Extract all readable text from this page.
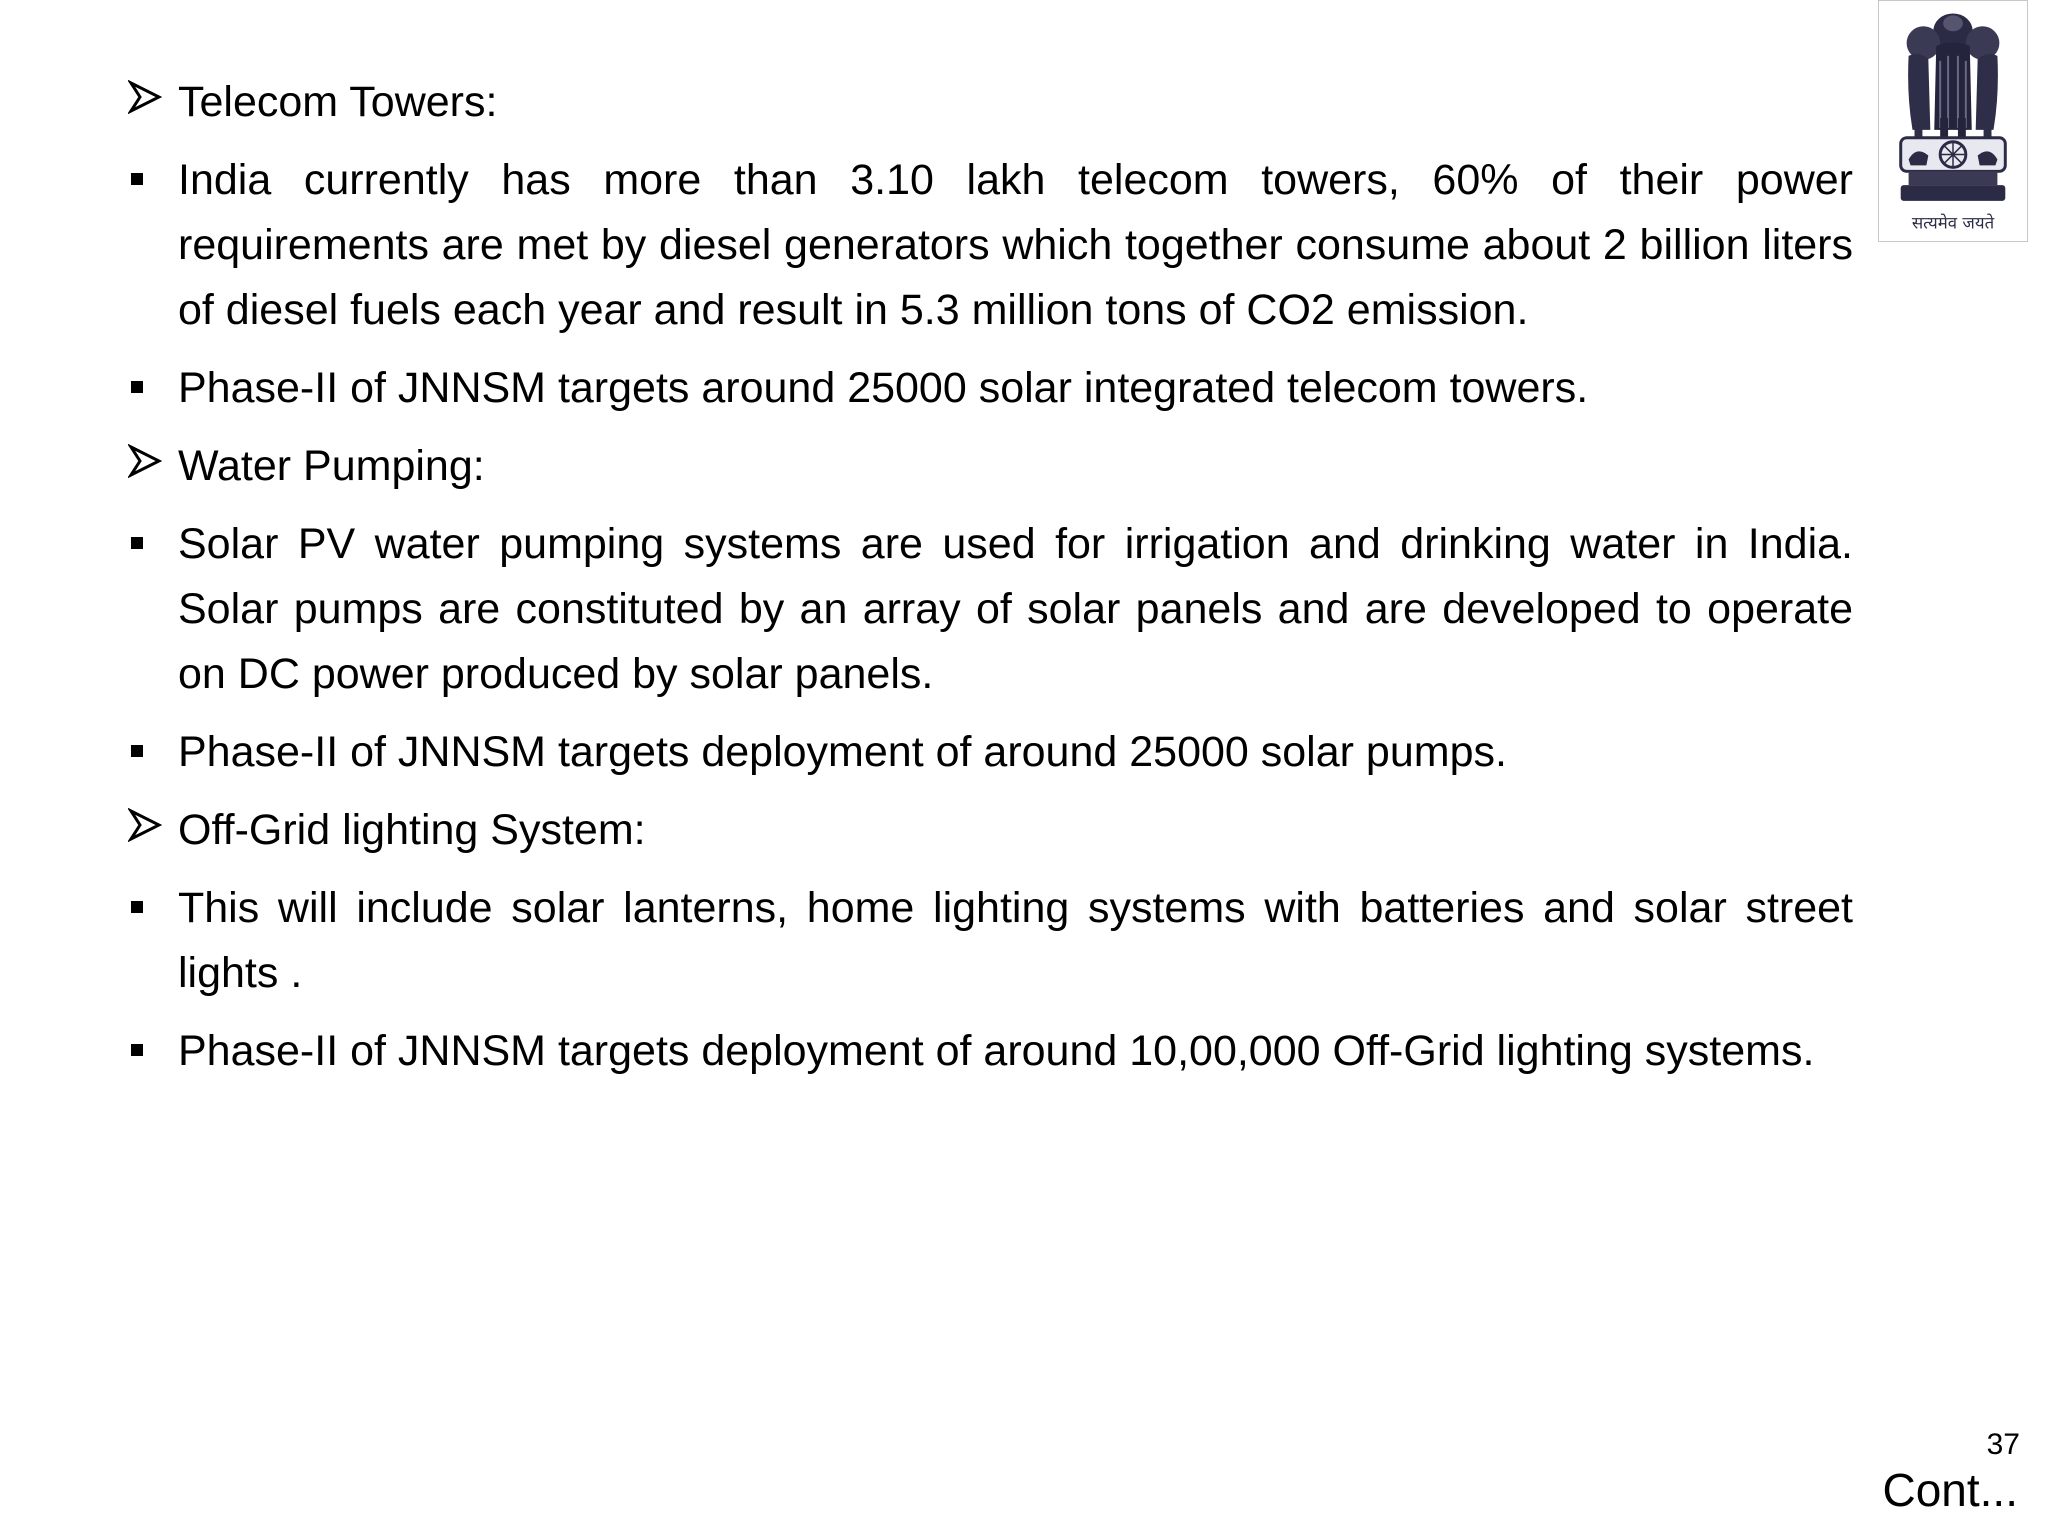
Telecom Towers:
India currently has more than 3.10 lakh telecom towers, 60% of their power requirements are met by diesel generators which together consume about 2 billion liters of diesel fuels each year and result in 5.3 million tons of CO2 emission.
Phase-II of JNNSM targets around 25000 solar integrated telecom towers.
Water Pumping:
Solar PV water pumping systems are used for irrigation and drinking water in India. Solar pumps are constituted by an array of solar panels and are developed to operate on DC power produced by solar panels.
Phase-II of JNNSM targets deployment of around 25000 solar pumps.
Off-Grid lighting System:
This will include solar lanterns, home lighting systems with batteries and solar street lights .
Phase-II of JNNSM targets deployment of around 10,00,000 Off-Grid lighting systems.
सत्यमेव जयते
37
Cont...
